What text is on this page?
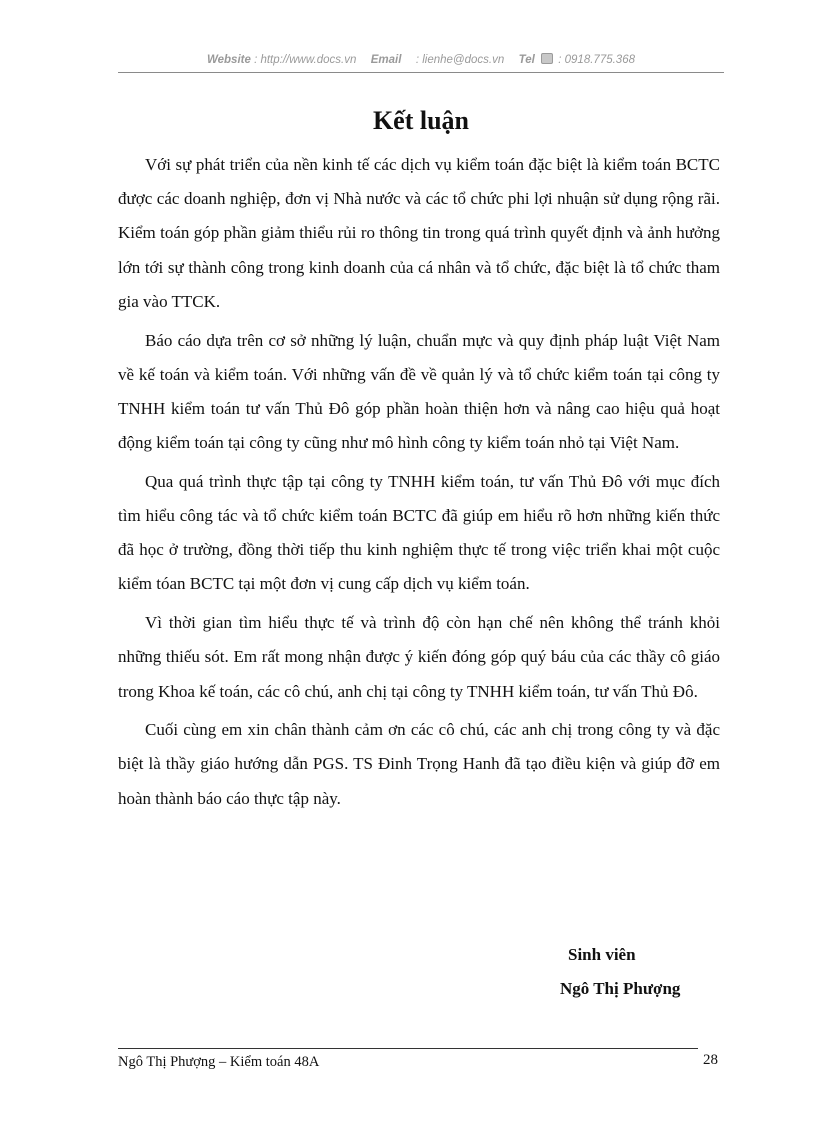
Website : http://www.docs.vn Email : lienhe@docs.vn Tel : 0918.775.368
Kết luận

Với sự phát triển của nền kinh tế các dịch vụ kiểm toán đặc biệt là kiểm toán BCTC được các doanh nghiệp, đơn vị Nhà nước và các tổ chức phi lợi nhuận sử dụng rộng rãi. Kiểm toán góp phần giảm thiểu rủi ro thông tin trong quá trình quyết định và ảnh hưởng lớn tới sự thành công trong kinh doanh của cá nhân và tổ chức, đặc biệt là tổ chức tham gia vào TTCK.

Báo cáo dựa trên cơ sở những lý luận, chuẩn mực và quy định pháp luật Việt Nam về kế toán và kiểm toán. Với những vấn đề về quản lý và tổ chức kiểm toán tại công ty TNHH kiểm toán tư vấn Thủ Đô góp phần hoàn thiện hơn và nâng cao hiệu quả hoạt động kiểm toán tại công ty cũng như mô hình công ty kiểm toán nhỏ tại Việt Nam.

Qua quá trình thực tập tại công ty TNHH kiểm toán, tư vấn Thủ Đô với mục đích tìm hiểu công tác và tổ chức kiểm toán BCTC đã giúp em hiểu rõ hơn những kiến thức đã học ở trường, đồng thời tiếp thu kinh nghiệm thực tế trong việc triển khai một cuộc kiểm tóan BCTC tại một đơn vị cung cấp dịch vụ kiểm toán.

Vì thời gian tìm hiểu thực tế và trình độ còn hạn chế nên không thể tránh khỏi những thiếu sót. Em rất mong nhận được ý kiến đóng góp quý báu của các thầy cô giáo trong Khoa kế toán, các cô chú, anh chị tại công ty TNHH kiểm toán, tư vấn Thủ Đô.

Cuối cùng em xin chân thành cảm ơn các cô chú, các anh chị trong công ty và đặc biệt là thầy giáo hướng dẫn PGS. TS Đinh Trọng Hanh đã tạo điều kiện và giúp đỡ em hoàn thành báo cáo thực tập này.

Sinh viên
Ngô Thị Phượng
Ngô Thị Phượng – Kiểm toán 48A	28
